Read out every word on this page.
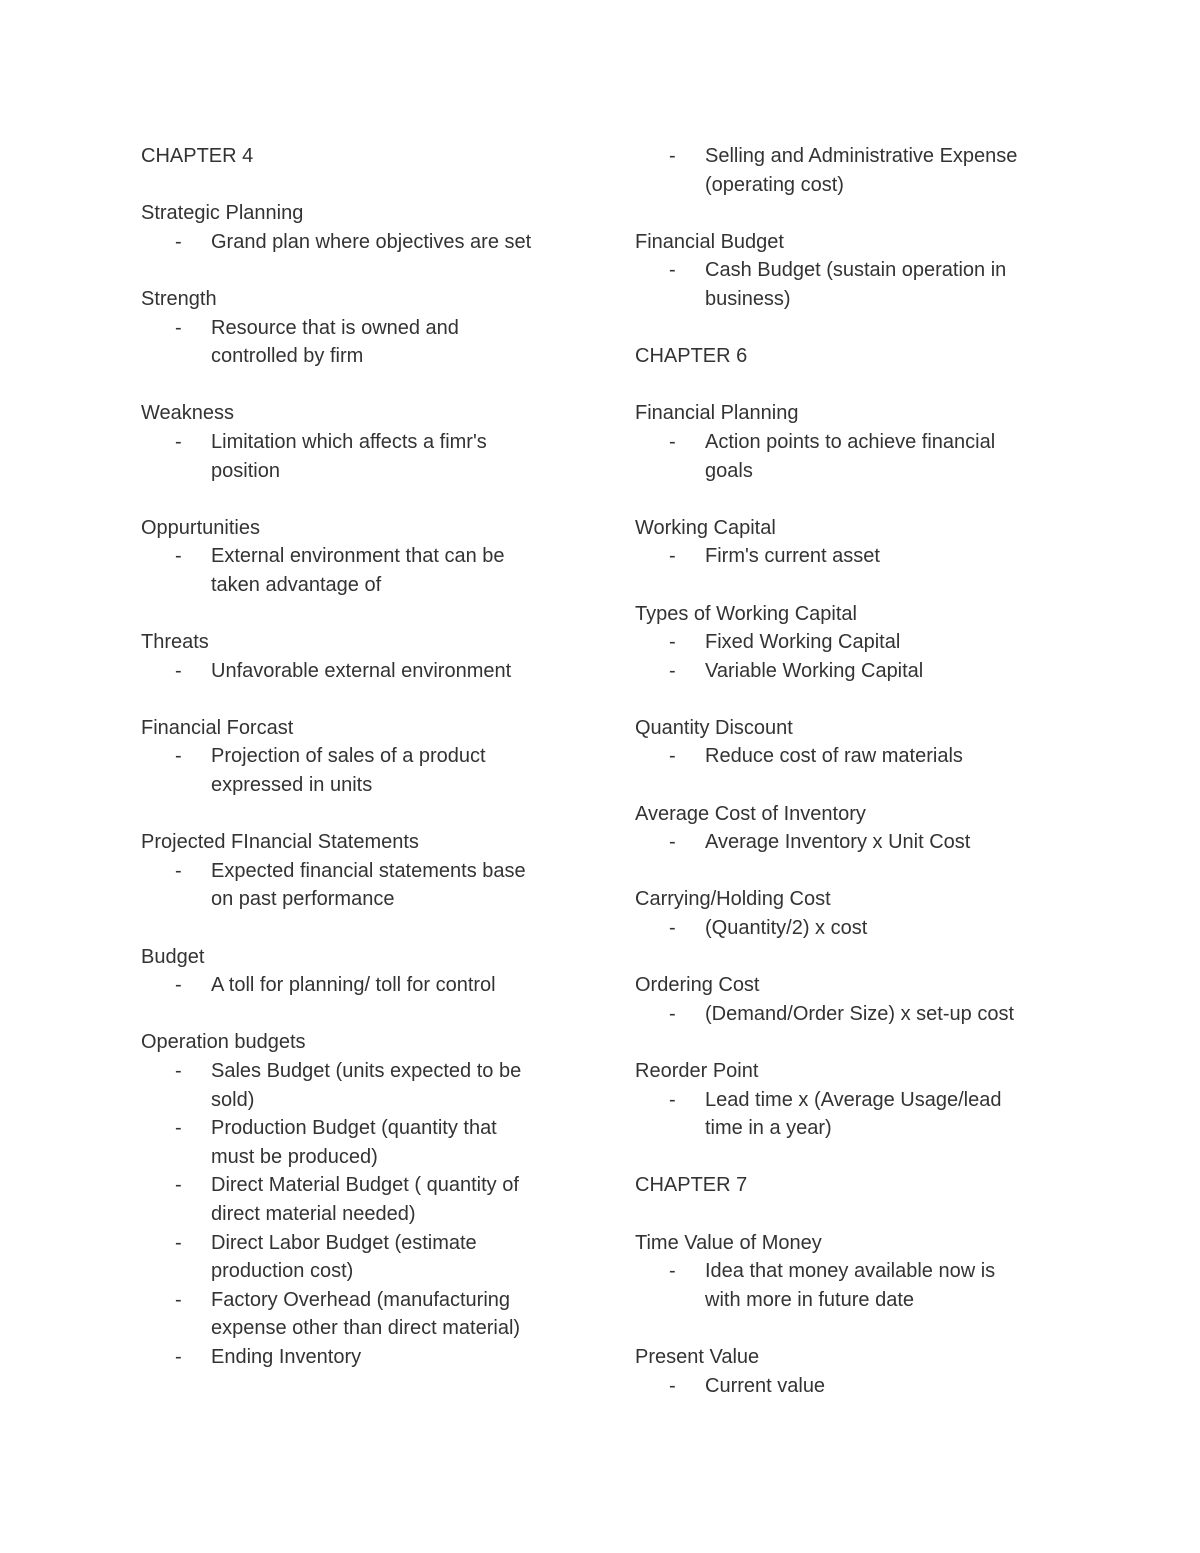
CHAPTER 4
Strategic Planning
- Grand plan where objectives are set
Strength
- Resource that is owned and
controlled by firm
Weakness
- Limitation which affects a fimr's
position
Oppurtunities
- External environment that can be
taken advantage of
Threats
- Unfavorable external environment
Financial Forcast
- Projection of sales of a product
expressed in units
Projected FInancial Statements
- Expected financial statements base
on past performance
Budget
- A toll for planning/ toll for control
Operation budgets
- Sales Budget (units expected to be
sold)
- Production Budget (quantity that
must be produced)
- Direct Material Budget ( quantity of
direct material needed)
- Direct Labor Budget (estimate
production cost)
- Factory Overhead (manufacturing
expense other than direct material)
- Ending Inventory
- Selling and Administrative Expense
(operating cost)
Financial Budget
- Cash Budget (sustain operation in
business)
CHAPTER 6
Financial Planning
- Action points to achieve financial
goals
Working Capital
- Firm's current asset
Types of Working Capital
- Fixed Working Capital
- Variable Working Capital
Quantity Discount
- Reduce cost of raw materials
Average Cost of Inventory
- Average Inventory x Unit Cost
Carrying/Holding Cost
- (Quantity/2) x cost
Ordering Cost
- (Demand/Order Size) x set-up cost
Reorder Point
- Lead time x (Average Usage/lead
time in a year)
CHAPTER 7
Time Value of Money
- Idea that money available now is
with more in future date
Present Value
- Current value
